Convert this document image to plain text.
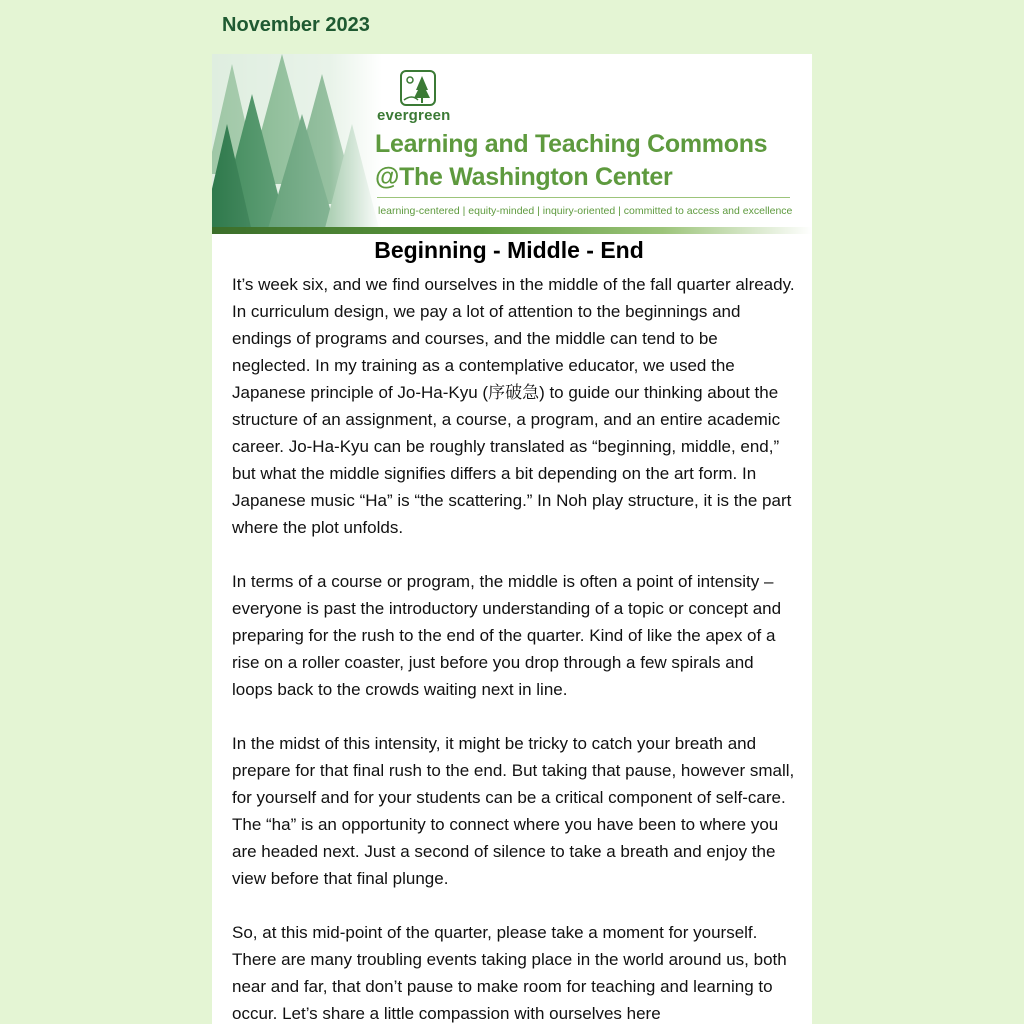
November 2023
evergreen
Learning and Teaching Commons
@The Washington Center
learning-centered | equity-minded | inquiry-oriented | committed to access and excellence
Beginning - Middle - End

It’s week six, and we find ourselves in the middle of the fall quarter already. In curriculum design, we pay a lot of attention to the beginnings and endings of programs and courses, and the middle can tend to be neglected. In my training as a contemplative educator, we used the Japanese principle of Jo-Ha-Kyu (序破急) to guide our thinking about the structure of an assignment, a course, a program, and an entire academic career. Jo-Ha-Kyu can be roughly translated as “beginning, middle, end,” but what the middle signifies differs a bit depending on the art form. In Japanese music “Ha” is “the scattering.” In Noh play structure, it is the part where the plot unfolds.

In terms of a course or program, the middle is often a point of intensity – everyone is past the introductory understanding of a topic or concept and preparing for the rush to the end of the quarter. Kind of like the apex of a rise on a roller coaster, just before you drop through a few spirals and loops back to the crowds waiting next in line.

In the midst of this intensity, it might be tricky to catch your breath and prepare for that final rush to the end. But taking that pause, however small, for yourself and for your students can be a critical component of self-care. The “ha” is an opportunity to connect where you have been to where you are headed next. Just a second of silence to take a breath and enjoy the view before that final plunge.

So, at this mid-point of the quarter, please take a moment for yourself. There are many troubling events taking place in the world around us, both near and far, that don’t pause to make room for teaching and learning to occur. Let’s share a little compassion with ourselves here
